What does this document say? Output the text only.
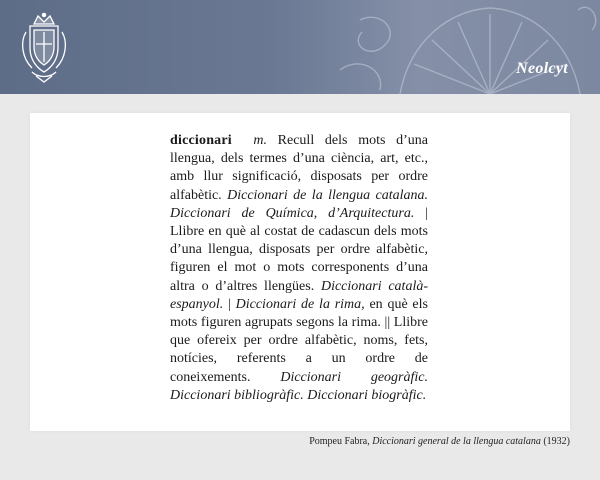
Neolcyt
diccionari m. Recull dels mots d’una llengua, dels termes d’una ciència, art, etc., amb llur significació, disposats per ordre alfabètic. Diccionari de la llengua catalana. Diccionari de Química, d’Arquitectura. | Llibre en què al costat de cadascun dels mots d’una llengua, disposats per ordre alfabètic, figuren el mot o mots corresponents d’una altra o d’altres llengües. Diccionari català-espanyol. | Diccionari de la rima, en què els mots figuren agrupats segons la rima. || Llibre que ofereix per ordre alfabètic, noms, fets, notícies, referents a un ordre de coneixements. Diccionari geogràfic. Diccionari bibliogràfic. Diccionari biogràfic.
Pompeu Fabra, Diccionari general de la llengua catalana (1932)
